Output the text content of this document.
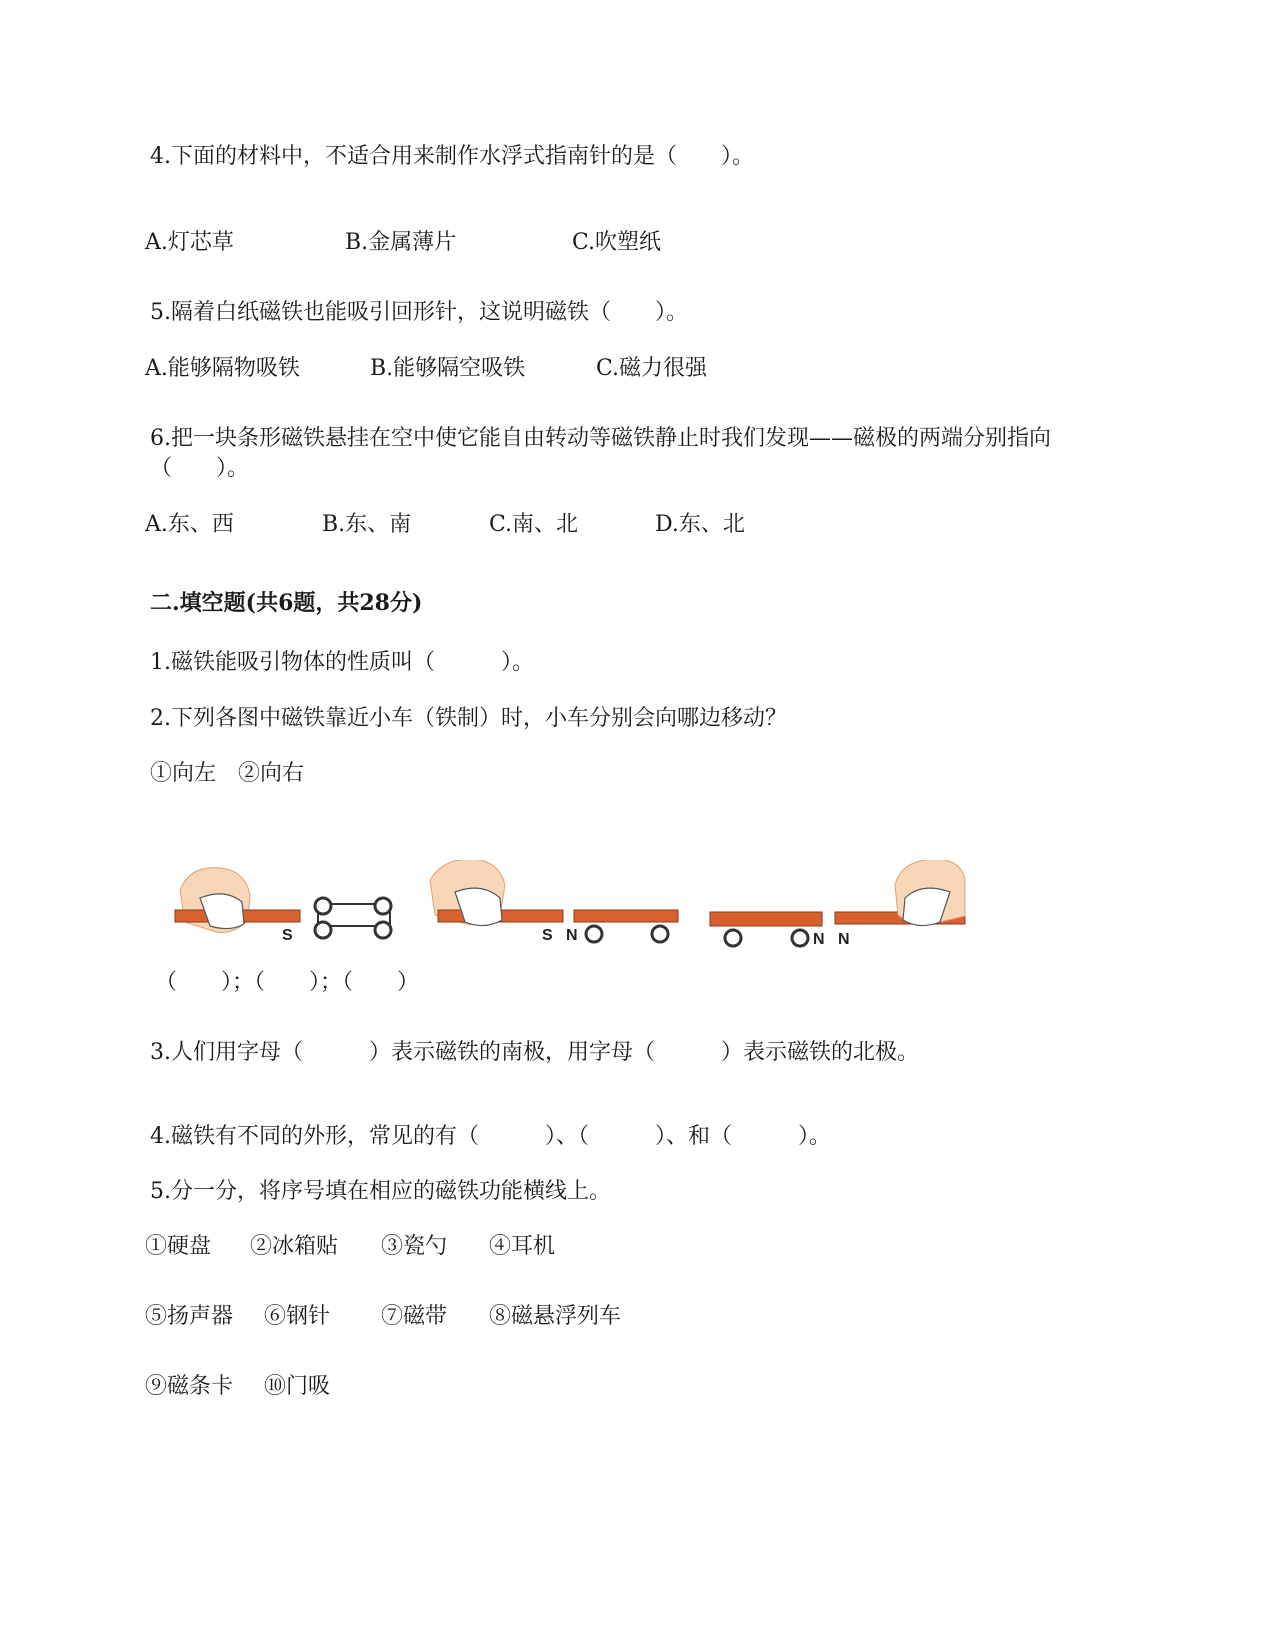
4.下面的材料中，不适合用来制作水浮式指南针的是（　　）。
A.灯芯草	B.金属薄片	C.吹塑纸
5.隔着白纸磁铁也能吸引回形针，这说明磁铁（　　）。
A.能够隔物吸铁	B.能够隔空吸铁	C.磁力很强
6.把一块条形磁铁悬挂在空中使它能自由转动等磁铁静止时我们发现——磁极的两端分别指向（　　）。
A.东、西	B.东、南	C.南、北	D.东、北
二.填空题(共6题，共28分)
1.磁铁能吸引物体的性质叫（　　　）。
2.下列各图中磁铁靠近小车（铁制）时，小车分别会向哪边移动？
①向左　②向右
S	S N	N N
（　　）；（　　）；（　　）
3.人们用字母（　　　）表示磁铁的南极，用字母（　　　）表示磁铁的北极。
4.磁铁有不同的外形，常见的有（　　　）、（　　　）、和（　　　）。
5.分一分，将序号填在相应的磁铁功能横线上。
①硬盘 ②冰箱贴 ③瓷勺 ④耳机
⑤扬声器 ⑥钢针 ⑦磁带 ⑧磁悬浮列车
⑨磁条卡 ⑩门吸
